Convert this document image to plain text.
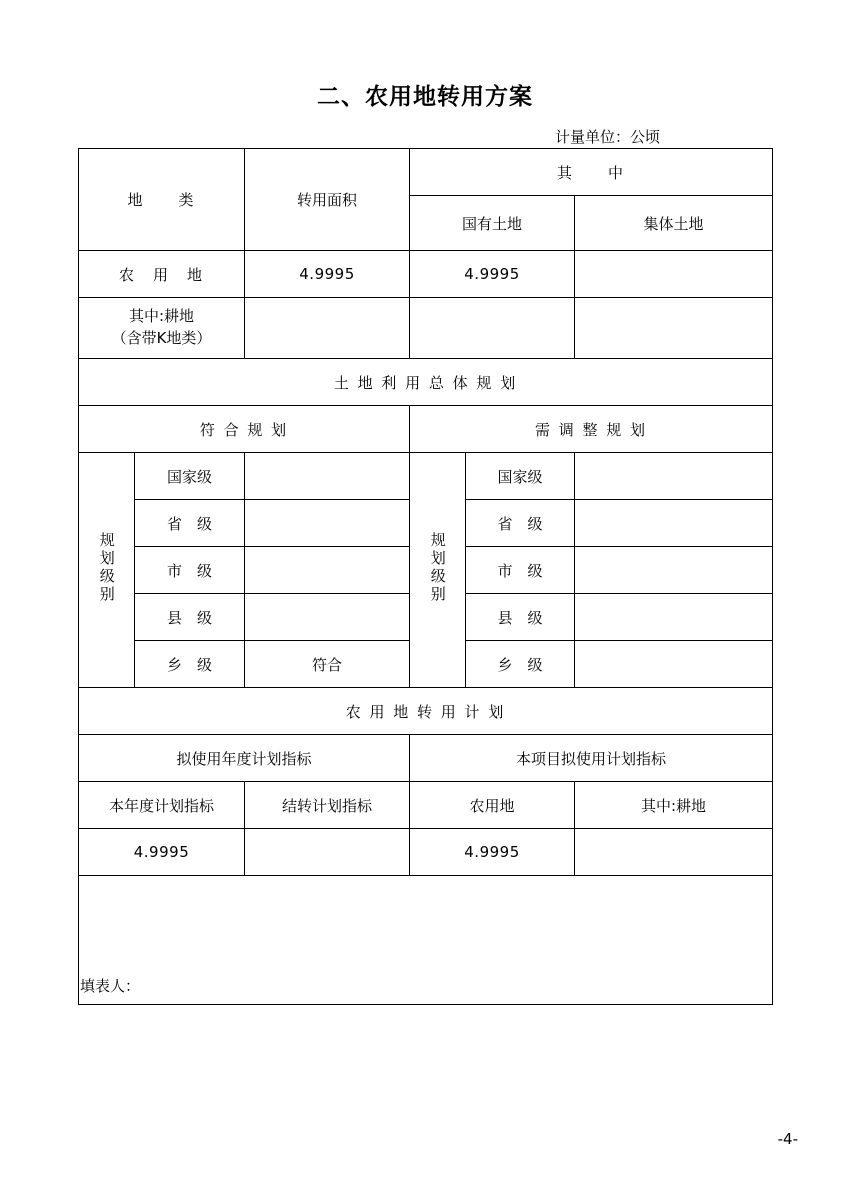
二、农用地转用方案
计量单位：公顷
地　　类		转用面积	其　　中		
			国有土地		集体土地
农　用　地		4.9995	4.9995		

其中:耕地
（含带K地类）					

土 地 利 用 总 体 规 划					
符 合 规 划			需 调 整 规 划		
规划级别	国家级		规划级别	国家级	
	省　级			省　级	
	市　级			市　级	
	县　级			县　级	
	乡　级	符合		乡　级	
农 用 地 转 用 计 划					
拟使用年度计划指标			本项目拟使用计划指标		
本年度计划指标		结转计划指标	农用地		其中:耕地
4.9995			4.9995		

填表人：
-4-
